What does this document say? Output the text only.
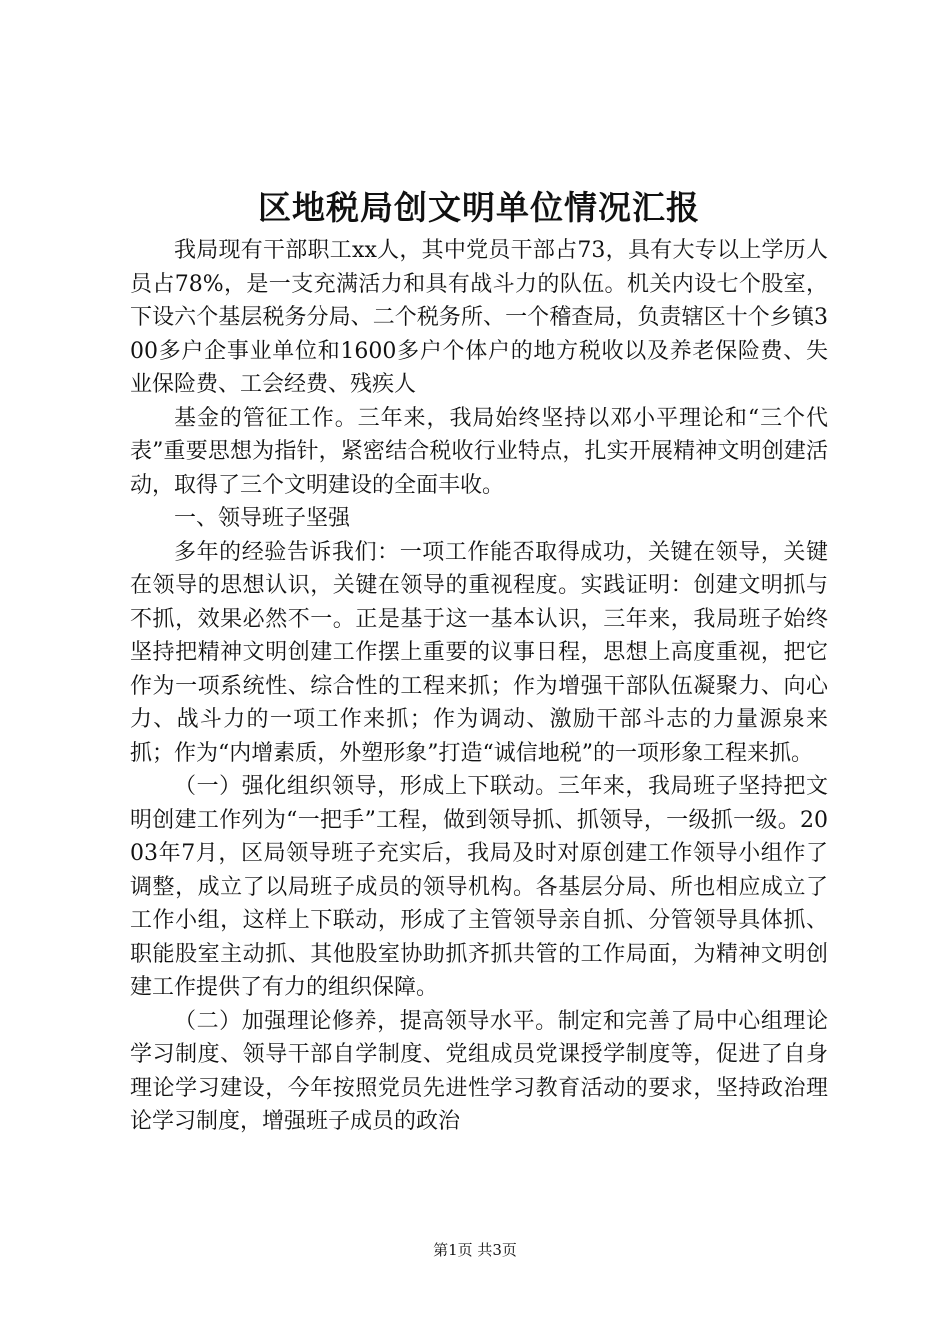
区地税局创文明单位情况汇报

我局现有干部职工xx人，其中党员干部占73，具有大专以上学历人员占78%，是一支充满活力和具有战斗力的队伍。机关内设七个股室，下设六个基层税务分局、二个税务所、一个稽查局，负责辖区十个乡镇300多户企事业单位和1600多户个体户的地方税收以及养老保险费、失业保险费、工会经费、残疾人

基金的管征工作。三年来，我局始终坚持以邓小平理论和“三个代表”重要思想为指针，紧密结合税收行业特点，扎实开展精神文明创建活动，取得了三个文明建设的全面丰收。

一、领导班子坚强

多年的经验告诉我们：一项工作能否取得成功，关键在领导，关键在领导的思想认识，关键在领导的重视程度。实践证明：创建文明抓与不抓，效果必然不一。正是基于这一基本认识，三年来，我局班子始终坚持把精神文明创建工作摆上重要的议事日程，思想上高度重视，把它作为一项系统性、综合性的工程来抓；作为增强干部队伍凝聚力、向心力、战斗力的一项工作来抓；作为调动、激励干部斗志的力量源泉来抓；作为“内增素质，外塑形象”打造“诚信地税”的一项形象工程来抓。

（一）强化组织领导，形成上下联动。三年来，我局班子坚持把文明创建工作列为“一把手”工程，做到领导抓、抓领导，一级抓一级。2003年7月，区局领导班子充实后，我局及时对原创建工作领导小组作了调整，成立了以局班子成员的领导机构。各基层分局、所也相应成立了工作小组，这样上下联动，形成了主管领导亲自抓、分管领导具体抓、职能股室主动抓、其他股室协助抓齐抓共管的工作局面，为精神文明创建工作提供了有力的组织保障。

（二）加强理论修养，提高领导水平。制定和完善了局中心组理论学习制度、领导干部自学制度、党组成员党课授学制度等，促进了自身理论学习建设，今年按照党员先进性学习教育活动的要求，坚持政治理论学习制度，增强班子成员的政治

第1页 共3页
